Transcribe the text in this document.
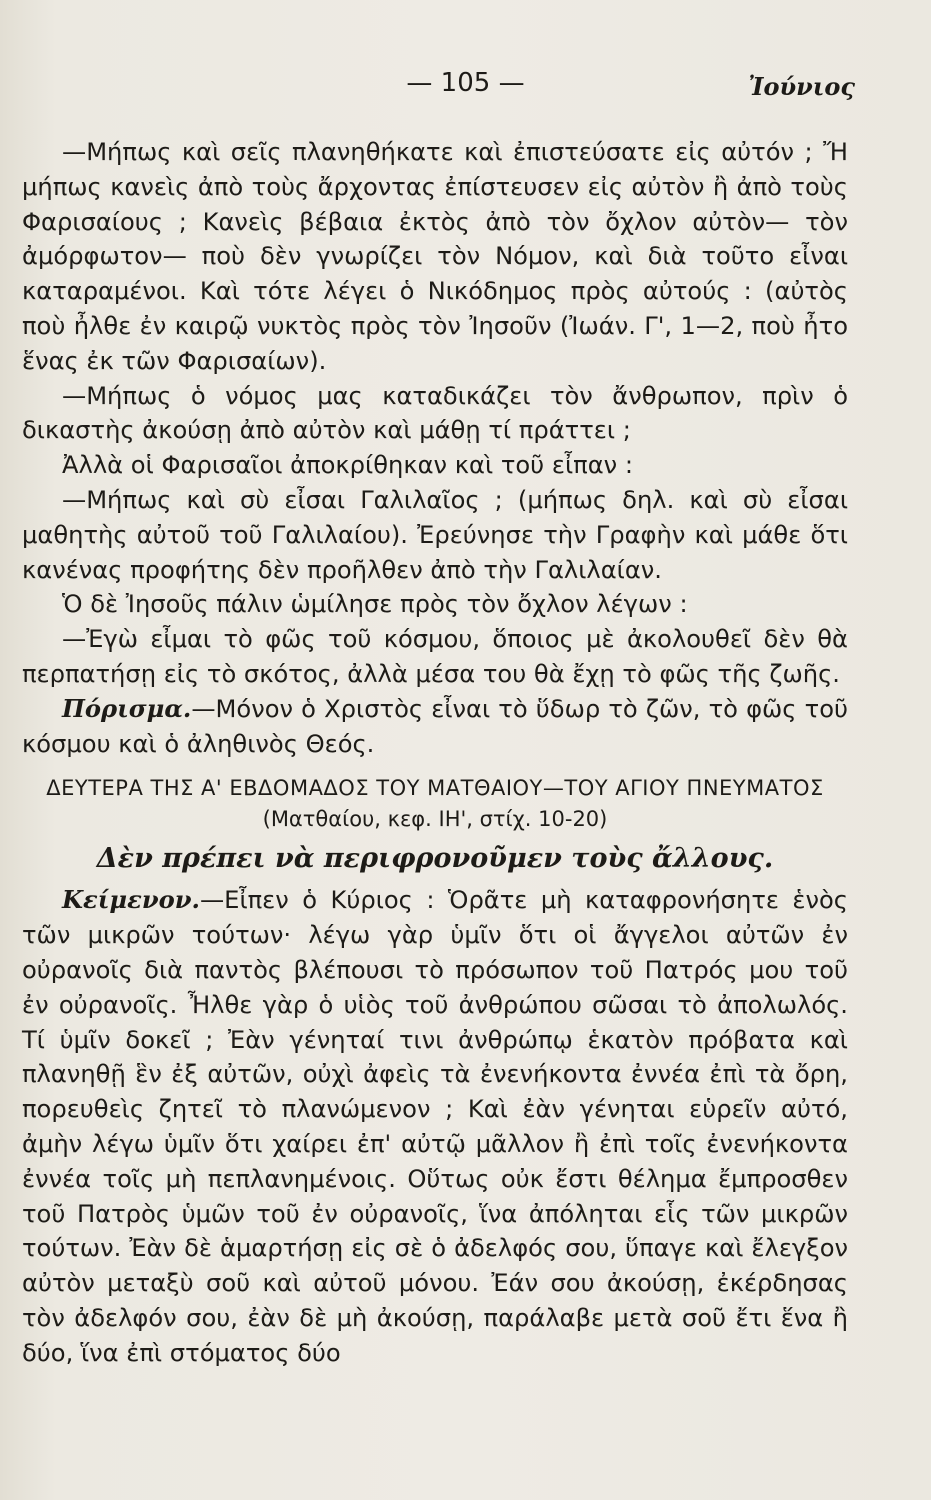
— 105 —	Ἰούνιος

—Μήπως καὶ σεῖς πλανηθήκατε καὶ ἐπιστεύσατε εἰς αὐτόν ; Ἤ μήπως κανεὶς ἀπὸ τοὺς ἄρχοντας ἐπίστευσεν εἰς αὐτὸν ἢ ἀπὸ τοὺς Φαρισαίους ; Κανεὶς βέβαια ἐκτὸς ἀπὸ τὸν ὄχλον αὐτὸν— τὸν ἀμόρφωτον— ποὺ δὲν γνωρίζει τὸν Νόμον, καὶ διὰ τοῦτο εἶναι καταραμένοι. Καὶ τότε λέγει ὁ Νικόδημος πρὸς αὐτούς : (αὐτὸς ποὺ ἦλθε ἐν καιρῷ νυκτὸς πρὸς τὸν Ἰησοῦν (Ἰωάν. Γ', 1—2, ποὺ ἦτο ἕνας ἐκ τῶν Φαρισαίων).

—Μήπως ὁ νόμος μας καταδικάζει τὸν ἄνθρωπον, πρὶν ὁ δικαστὴς ἀκούσῃ ἀπὸ αὐτὸν καὶ μάθῃ τί πράττει ;

Ἀλλὰ οἱ Φαρισαῖοι ἀποκρίθηκαν καὶ τοῦ εἶπαν :

—Μήπως καὶ σὺ εἶσαι Γαλιλαῖος ; (μήπως δηλ. καὶ σὺ εἶσαι μαθητὴς αὐτοῦ τοῦ Γαλιλαίου). Ἐρεύνησε τὴν Γραφὴν καὶ μάθε ὅτι κανένας προφήτης δὲν προῆλθεν ἀπὸ τὴν Γαλιλαίαν.

Ὁ δὲ Ἰησοῦς πάλιν ὡμίλησε πρὸς τὸν ὄχλον λέγων :

—Ἐγὼ εἶμαι τὸ φῶς τοῦ κόσμου, ὅποιος μὲ ἀκολουθεῖ δὲν θὰ περπατήσῃ εἰς τὸ σκότος, ἀλλὰ μέσα του θὰ ἔχῃ τὸ φῶς τῆς ζωῆς.

Πόρισμα.—Μόνον ὁ Χριστὸς εἶναι τὸ ὕδωρ τὸ ζῶν, τὸ φῶς τοῦ κόσμου καὶ ὁ ἀληθινὸς Θεός.

ΔΕΥΤΕΡΑ ΤΗΣ Α' ΕΒΔΟΜΑΔΟΣ ΤΟΥ ΜΑΤΘΑΙΟΥ—ΤΟΥ ΑΓΙΟΥ ΠΝΕΥΜΑΤΟΣ
(Ματθαίου, κεφ. ΙΗ', στίχ. 10-20)
Δὲν πρέπει νὰ περιφρονοῦμεν τοὺς ἄλλους.

Κείμενον.—Εἶπεν ὁ Κύριος : Ὁρᾶτε μὴ καταφρονήσητε ἑνὸς τῶν μικρῶν τούτων· λέγω γὰρ ὑμῖν ὅτι οἱ ἄγγελοι αὐτῶν ἐν οὐρανοῖς διὰ παντὸς βλέπουσι τὸ πρόσωπον τοῦ Πατρός μου τοῦ ἐν οὐρανοῖς. Ἦλθε γὰρ ὁ υἱὸς τοῦ ἀνθρώπου σῶσαι τὸ ἀπολωλός. Τί ὑμῖν δοκεῖ ; Ἐὰν γένηταί τινι ἀνθρώπῳ ἑκατὸν πρόβατα καὶ πλανηθῇ ἓν ἐξ αὐτῶν, οὐχὶ ἀφεὶς τὰ ἐνενήκοντα ἐννέα ἐπὶ τὰ ὄρη, πορευθεὶς ζητεῖ τὸ πλανώμενον ; Καὶ ἐὰν γένηται εὑρεῖν αὐτό, ἀμὴν λέγω ὑμῖν ὅτι χαίρει ἐπ' αὐτῷ μᾶλλον ἢ ἐπὶ τοῖς ἐνενήκοντα ἐννέα τοῖς μὴ πεπλανημένοις. Οὕτως οὐκ ἔστι θέλημα ἔμπροσθεν τοῦ Πατρὸς ὑμῶν τοῦ ἐν οὐρανοῖς, ἵνα ἀπόληται εἷς τῶν μικρῶν τούτων. Ἐὰν δὲ ἁμαρτήσῃ εἰς σὲ ὁ ἀδελφός σου, ὕπαγε καὶ ἔλεγξον αὐτὸν μεταξὺ σοῦ καὶ αὐτοῦ μόνου. Ἐάν σου ἀκούσῃ, ἐκέρδησας τὸν ἀδελφόν σου, ἐὰν δὲ μὴ ἀκούσῃ, παράλαβε μετὰ σοῦ ἔτι ἕνα ἢ δύο, ἵνα ἐπὶ στόματος δύο
